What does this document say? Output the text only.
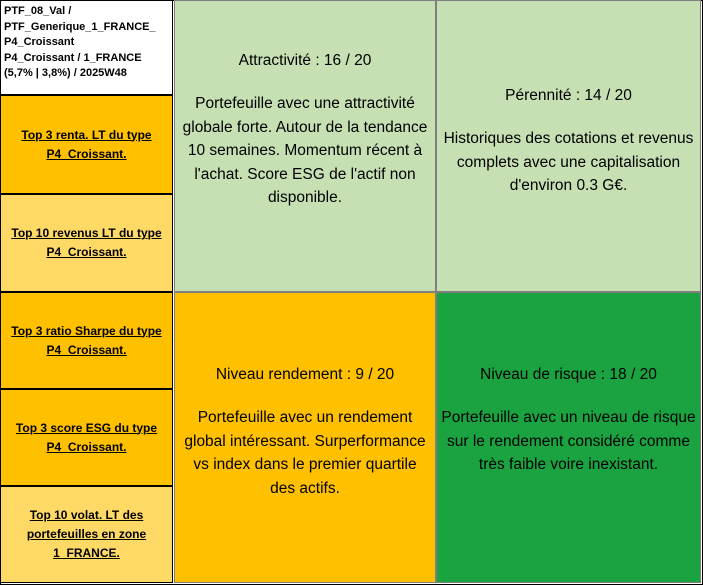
PTF_08_Val /
PTF_Generique_1_FRANCE_
P4_Croissant
P4_Croissant / 1_FRANCE
(5,7% | 3,8%) / 2025W48
Top 3 renta. LT du type P4_Croissant.
Top 10 revenus LT du type P4_Croissant.
Top 3 ratio Sharpe du type P4_Croissant.
Top 3 score ESG du type P4_Croissant.
Top 10 volat. LT des portefeuilles en zone 1_FRANCE.
Attractivité : 16 / 20
Portefeuille avec une attractivité globale forte. Autour de la tendance 10 semaines. Momentum récent à l'achat. Score ESG de l'actif non disponible.
Pérennité : 14 / 20
Historiques des cotations et revenus complets avec une capitalisation d'environ 0.3 G€.
Niveau rendement : 9 / 20
Portefeuille avec un rendement global intéressant. Surperformance vs index dans le premier quartile des actifs.
Niveau de risque : 18 / 20
Portefeuille avec un niveau de risque sur le rendement considéré comme très faible voire inexistant.
